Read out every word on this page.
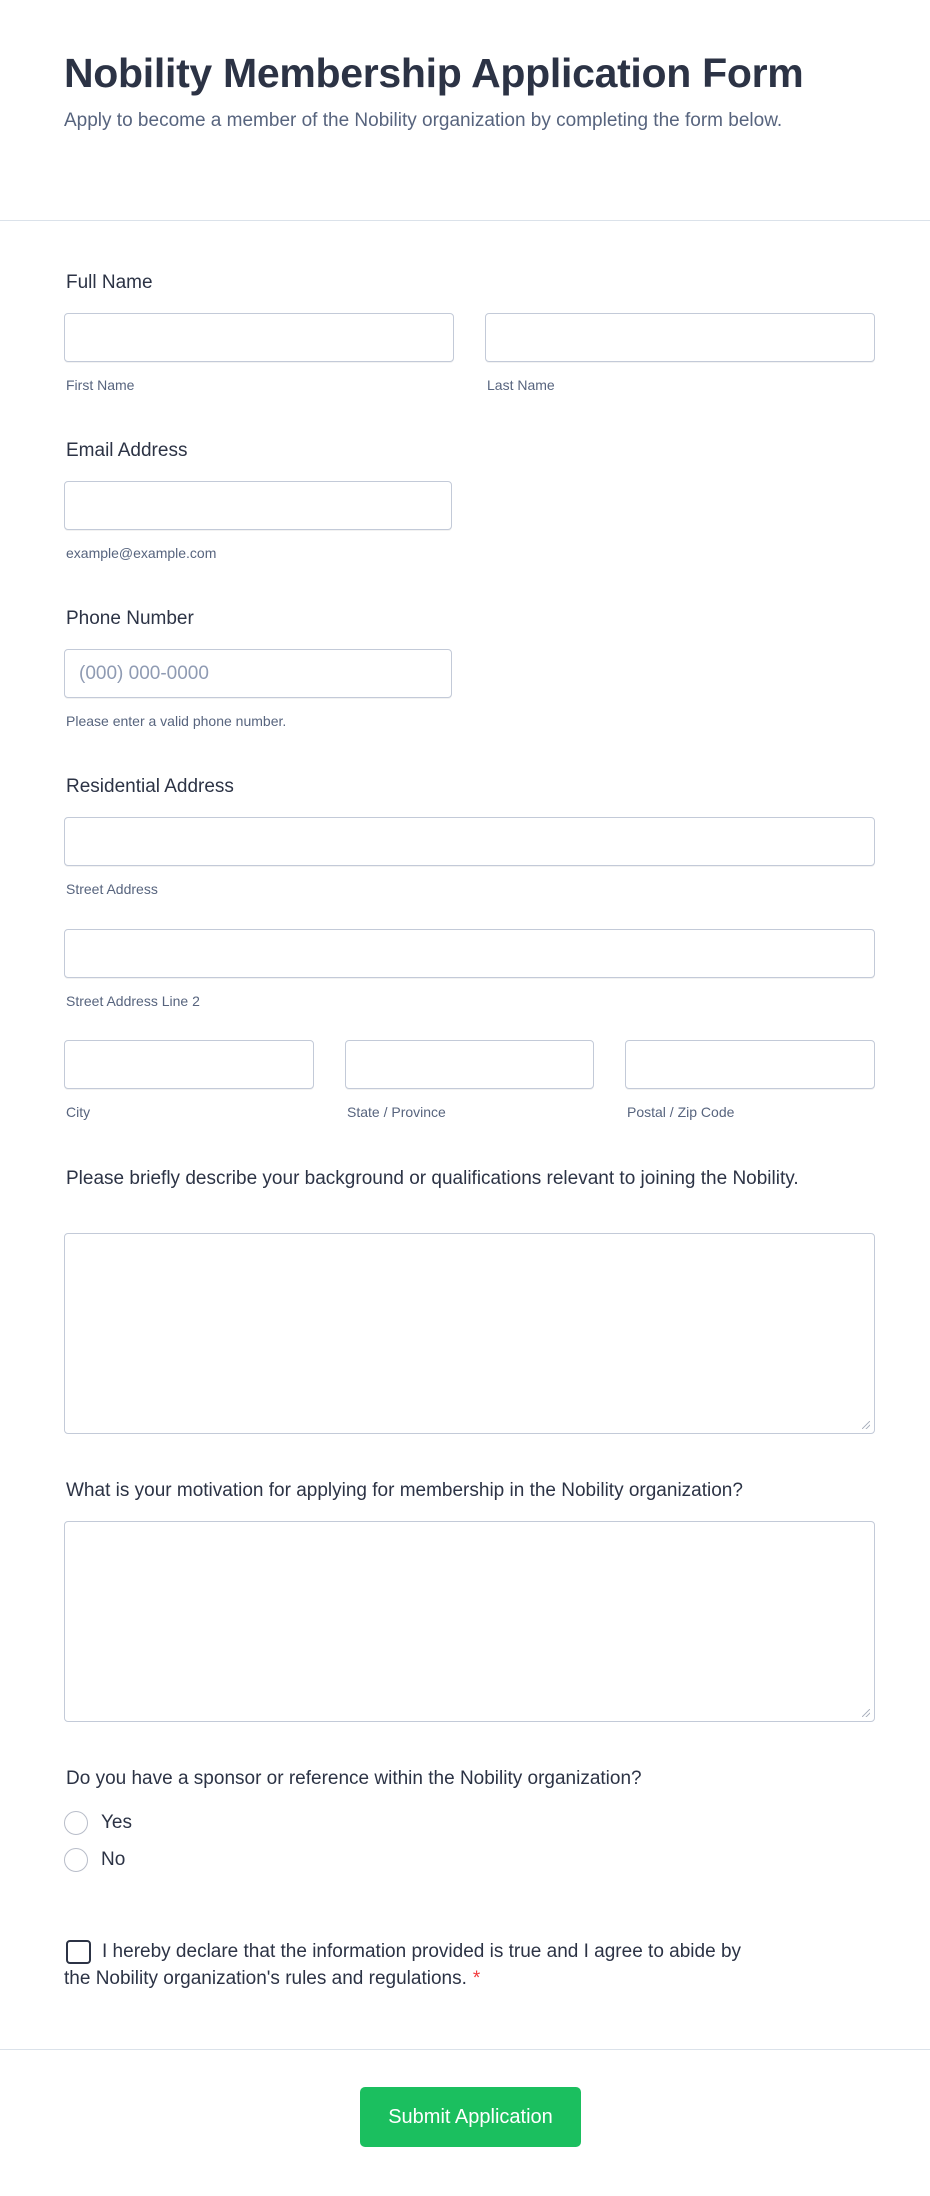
Nobility Membership Application Form

Apply to become a member of the Nobility organization by completing the form below.

Full Name
First Name	Last Name
Email Address
example@example.com
Phone Number
(000) 000-0000
Please enter a valid phone number.
Residential Address
Street Address
Street Address Line 2
City	State / Province	Postal / Zip Code
Please briefly describe your background or qualifications relevant to joining the Nobility.
What is your motivation for applying for membership in the Nobility organization?
Do you have a sponsor or reference within the Nobility organization?
Yes
No
I hereby declare that the information provided is true and I agree to abide by the Nobility organization's rules and regulations. *
Submit Application
